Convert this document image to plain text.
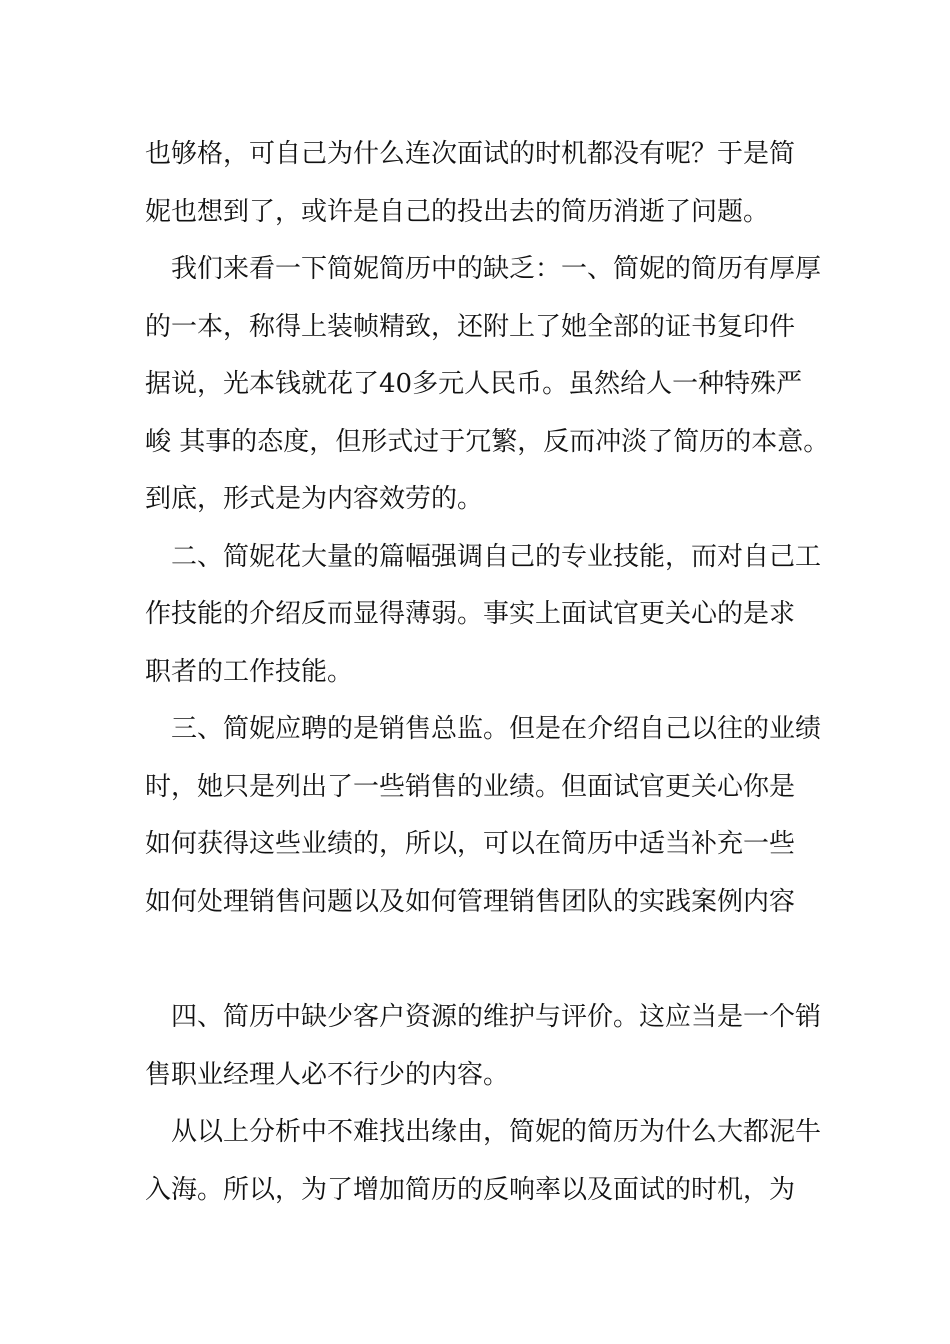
也够格，可自己为什么连次面试的时机都没有呢？于是简
妮也想到了，或许是自己的投出去的简历消逝了问题。
我们来看一下简妮简历中的缺乏：一、简妮的简历有厚厚
的一本，称得上装帧精致，还附上了她全部的证书复印件
据说，光本钱就花了40多元人民币。虽然给人一种特殊严
峻 其事的态度，但形式过于冗繁，反而冲淡了简历的本意。
到底，形式是为内容效劳的。
二、简妮花大量的篇幅强调自己的专业技能，而对自己工
作技能的介绍反而显得薄弱。事实上面试官更关心的是求
职者的工作技能。
三、简妮应聘的是销售总监。但是在介绍自己以往的业绩
时，她只是列出了一些销售的业绩。但面试官更关心你是
如何获得这些业绩的，所以，可以在简历中适当补充一些
如何处理销售问题以及如何管理销售团队的实践案例内容
四、简历中缺少客户资源的维护与评价。这应当是一个销
售职业经理人必不行少的内容。
从以上分析中不难找出缘由，简妮的简历为什么大都泥牛
入海。所以，为了增加简历的反响率以及面试的时机，为
